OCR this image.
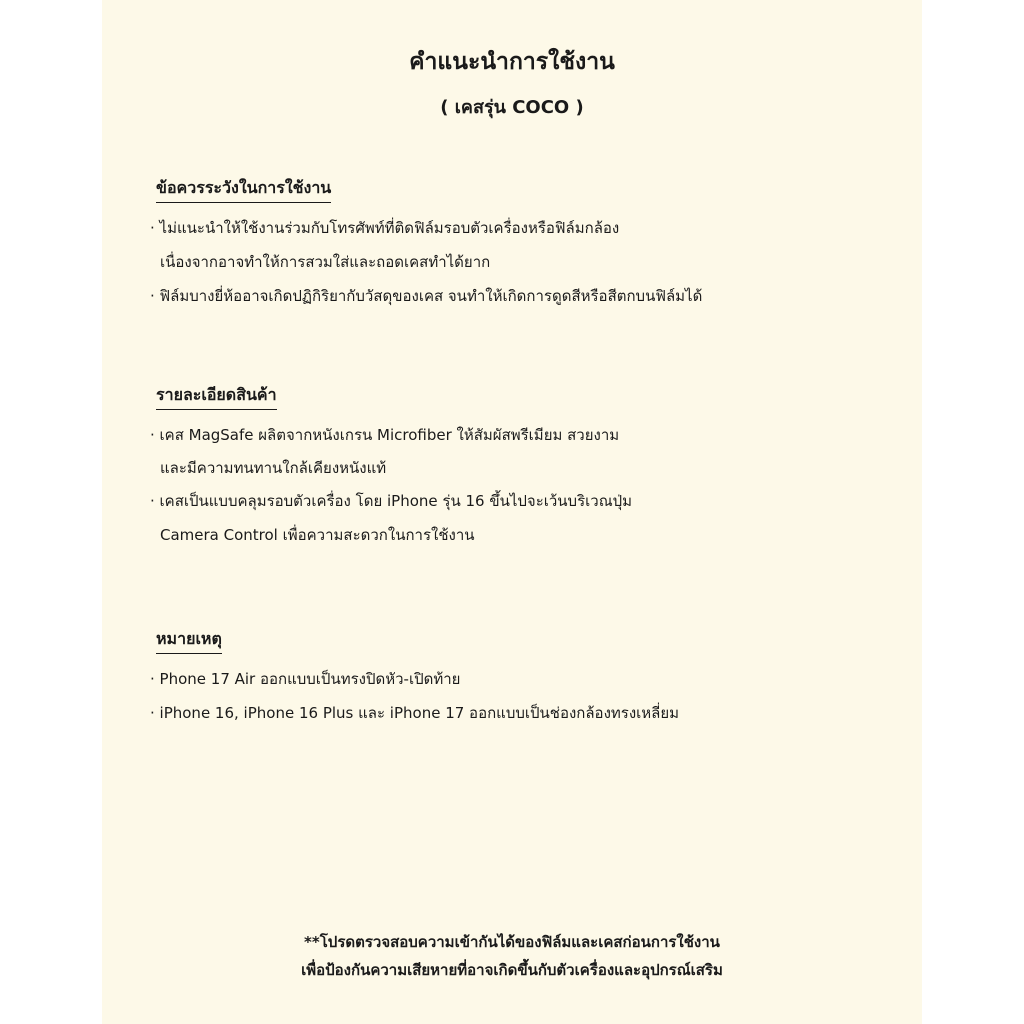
คำแนะนำการใช้งาน
( เคสรุ่น COCO )
ข้อควรระวังในการใช้งาน
· ไม่แนะนำให้ใช้งานร่วมกับโทรศัพท์ที่ติดฟิล์มรอบตัวเครื่องหรือฟิล์มกล้อง
เนื่องจากอาจทำให้การสวมใส่และถอดเคสทำได้ยาก
· ฟิล์มบางยี่ห้ออาจเกิดปฏิกิริยากับวัสดุของเคส จนทำให้เกิดการดูดสีหรือสีตกบนฟิล์มได้
รายละเอียดสินค้า
· เคส MagSafe ผลิตจากหนังเกรน Microfiber ให้สัมผัสพรีเมียม สวยงาม
และมีความทนทานใกล้เคียงหนังแท้
· เคสเป็นแบบคลุมรอบตัวเครื่อง โดย iPhone รุ่น 16 ขึ้นไปจะเว้นบริเวณปุ่ม
Camera Control เพื่อความสะดวกในการใช้งาน
หมายเหตุ
· Phone 17 Air ออกแบบเป็นทรงปิดหัว-เปิดท้าย
· iPhone 16, iPhone 16 Plus และ iPhone 17 ออกแบบเป็นช่องกล้องทรงเหลี่ยม
**โปรดตรวจสอบความเข้ากันได้ของฟิล์มและเคสก่อนการใช้งาน
เพื่อป้องกันความเสียหายที่อาจเกิดขึ้นกับตัวเครื่องและอุปกรณ์เสริม
